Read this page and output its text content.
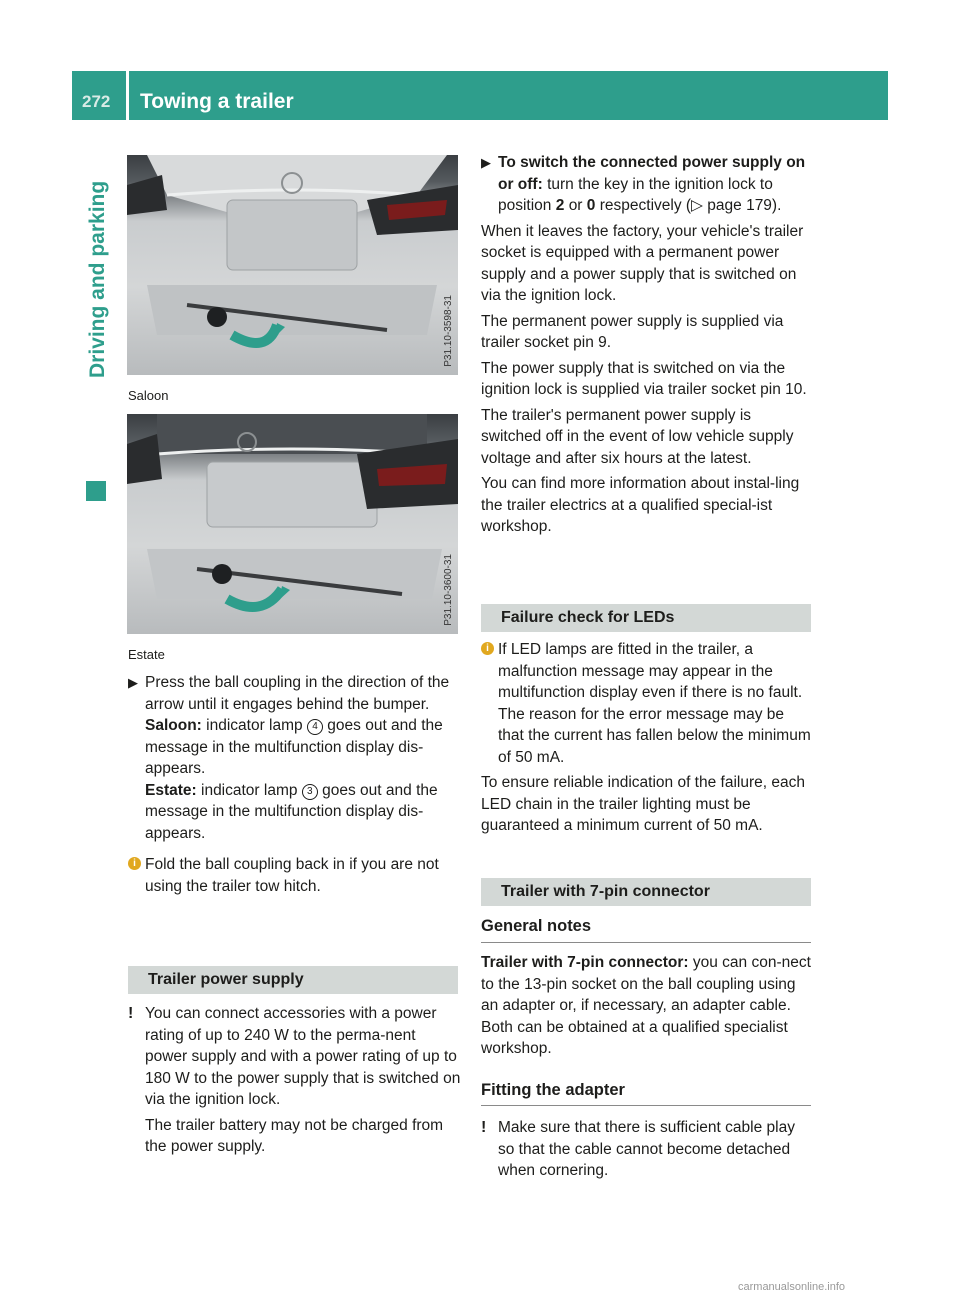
272	Towing a trailer
Driving and parking	P31.10-3598-31
Saloon
P31.10-3600-31
Estate

▶ Press the ball coupling in the direction of the arrow until it engages behind the bumper.

Saloon: indicator lamp 4 goes out and the message in the multifunction display dis-appears.

Estate: indicator lamp 3 goes out and the message in the multifunction display dis-appears.

i Fold the ball coupling back in if you are not using the trailer tow hitch.

Trailer power supply

! You can connect accessories with a power rating of up to 240 W to the perma-nent power supply and with a power rating of up to 180 W to the power supply that is switched on via the ignition lock.

The trailer battery may not be charged from the power supply.

▶ To switch the connected power supply on or off: turn the key in the ignition lock to position 2 or 0 respectively (▷ page 179).

When it leaves the factory, your vehicle's trailer socket is equipped with a permanent power supply and a power supply that is switched on via the ignition lock.

The permanent power supply is supplied via trailer socket pin 9.

The power supply that is switched on via the ignition lock is supplied via trailer socket pin 10.

The trailer's permanent power supply is switched off in the event of low vehicle supply voltage and after six hours at the latest.

You can find more information about instal-ling the trailer electrics at a qualified special-ist workshop.

Failure check for LEDs

i If LED lamps are fitted in the trailer, a malfunction message may appear in the multifunction display even if there is no fault. The reason for the error message may be that the current has fallen below the minimum of 50 mA.

To ensure reliable indication of the failure, each LED chain in the trailer lighting must be guaranteed a minimum current of 50 mA.

Trailer with 7-pin connector
General notes

Trailer with 7-pin connector: you can con-nect to the 13-pin socket on the ball coupling using an adapter or, if necessary, an adapter cable. Both can be obtained at a qualified specialist workshop.

Fitting the adapter

! Make sure that there is sufficient cable play so that the cable cannot become detached when cornering.

carmanualsonline.info
